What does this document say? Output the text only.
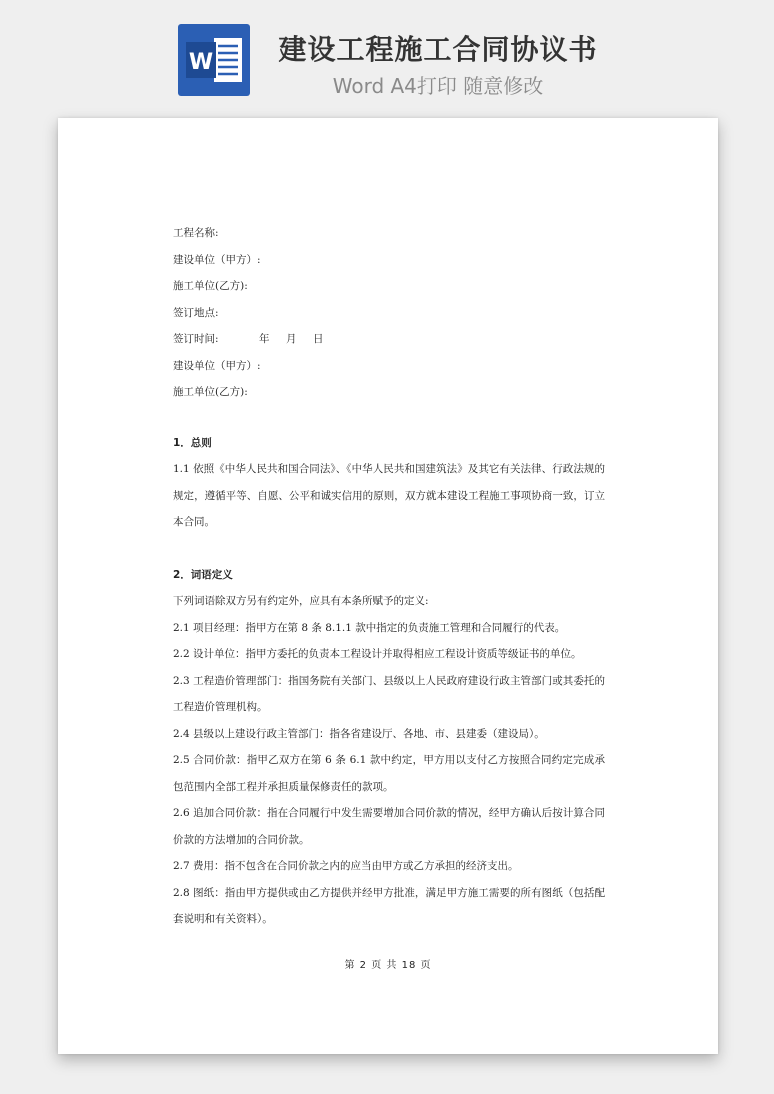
W	建设工程施工合同协议书
Word A4打印 随意修改

工程名称:

建设单位（甲方）:

施工单位(乙方):

签订地点:

签订时间:	年 月 日

建设单位（甲方）:

施工单位(乙方):

1．总则

1.1 依照《中华人民共和国合同法》、《中华人民共和国建筑法》及其它有关法律、行政法规的规定，遵循平等、自愿、公平和诚实信用的原则，双方就本建设工程施工事项协商一致，订立本合同。

2．词语定义

下列词语除双方另有约定外，应具有本条所赋予的定义:

2.1 项目经理：指甲方在第 8 条 8.1.1 款中指定的负责施工管理和合同履行的代表。

2.2 设计单位：指甲方委托的负责本工程设计并取得相应工程设计资质等级证书的单位。

2.3 工程造价管理部门：指国务院有关部门、县级以上人民政府建设行政主管部门或其委托的工程造价管理机构。

2.4 县级以上建设行政主管部门：指各省建设厅、各地、市、县建委（建设局）。

2.5 合同价款：指甲乙双方在第 6 条 6.1 款中约定，甲方用以支付乙方按照合同约定完成承包范围内全部工程并承担质量保修责任的款项。

2.6 追加合同价款：指在合同履行中发生需要增加合同价款的情况，经甲方确认后按计算合同价款的方法增加的合同价款。

2.7 费用：指不包含在合同价款之内的应当由甲方或乙方承担的经济支出。

2.8 图纸：指由甲方提供或由乙方提供并经甲方批准，满足甲方施工需要的所有图纸（包括配套说明和有关资料）。

第 2 页 共 18 页
